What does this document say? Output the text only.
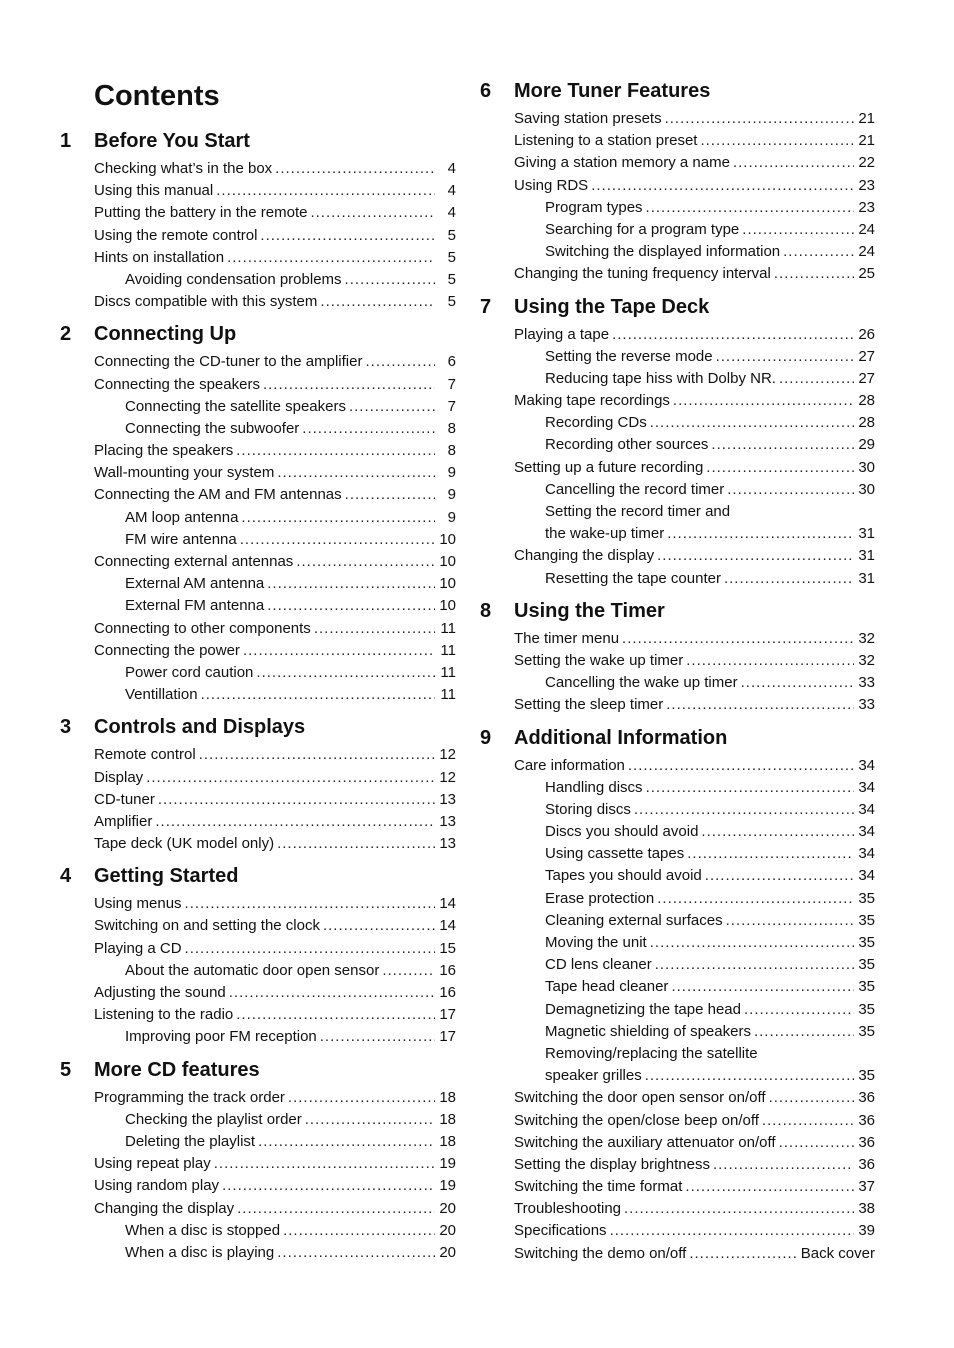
Contents
1	Before You Start
Checking what’s in the box .....	4
Using this manual .....	4
Putting the battery in the remote .....	4
Using the remote control .....	5
Hints on installation .....	5
Avoiding condensation problems .....	5
Discs compatible with this system .....	5
2	Connecting Up
Connecting the CD-tuner to the amplifier .....	6
Connecting the speakers .....	7
Connecting the satellite speakers .....	7
Connecting the subwoofer .....	8
Placing the speakers .....	8
Wall-mounting your system .....	9
Connecting the AM and FM antennas .....	9
AM loop antenna .....	9
FM wire antenna .....	10
Connecting external antennas .....	10
External AM antenna .....	10
External FM antenna .....	10
Connecting to other components .....	11
Connecting the power .....	11
Power cord caution .....	11
Ventillation .....	11
3	Controls and Displays
Remote control .....	12
Display .....	12
CD-tuner .....	13
Amplifier .....	13
Tape deck (UK model only) .....	13
4	Getting Started
Using menus .....	14
Switching on and setting the clock .....	14
Playing a CD .....	15
About the automatic door open sensor .....	16
Adjusting the sound .....	16
Listening to the radio .....	17
Improving poor FM reception .....	17
5	More CD features
Programming the track order .....	18
Checking the playlist order .....	18
Deleting the playlist .....	18
Using repeat play .....	19
Using random play .....	19
Changing the display .....	20
When a disc is stopped .....	20
When a disc is playing .....	20
6	More Tuner Features
Saving station presets .....	21
Listening to a station preset .....	21
Giving a station memory a name .....	22
Using RDS .....	23
Program types .....	23
Searching for a program type .....	24
Switching the displayed information .....	24
Changing the tuning frequency interval .....	25
7	Using the Tape Deck
Playing a tape .....	26
Setting the reverse mode .....	27
Reducing tape hiss with Dolby NR. .....	27
Making tape recordings .....	28
Recording CDs .....	28
Recording other sources .....	29
Setting up a future recording .....	30
Cancelling the record timer .....	30
Setting the record timer and
the wake-up timer .....	31
Changing the display .....	31
Resetting the tape counter .....	31
8	Using the Timer
The timer menu .....	32
Setting the wake up timer .....	32
Cancelling the wake up timer .....	33
Setting the sleep timer .....	33
9	Additional Information
Care information .....	34
Handling discs .....	34
Storing discs .....	34
Discs you should avoid .....	34
Using cassette tapes .....	34
Tapes you should avoid .....	34
Erase protection .....	35
Cleaning external surfaces .....	35
Moving the unit .....	35
CD lens cleaner .....	35
Tape head cleaner .....	35
Demagnetizing the tape head .....	35
Magnetic shielding of speakers .....	35
Removing/replacing the satellite
speaker grilles .....	35
Switching the door open sensor on/off .....	36
Switching the open/close beep on/off .....	36
Switching the auxiliary attenuator on/off .....	36
Setting the display brightness .....	36
Switching the time format .....	37
Troubleshooting .....	38
Specifications .....	39
Switching the demo on/off .....	Back cover
